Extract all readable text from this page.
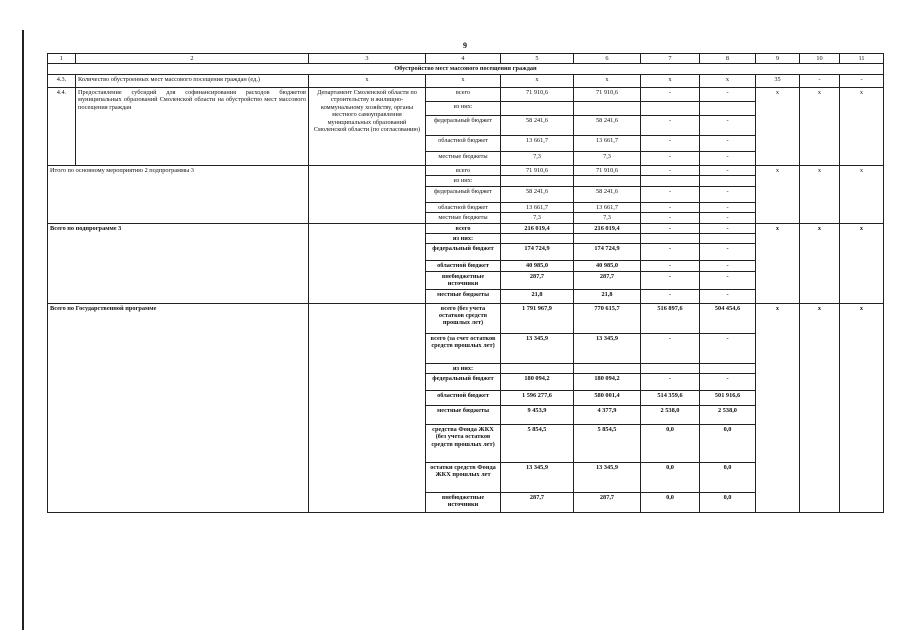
9
1	2	3	4	5	6	7	8	9	10	11
Обустройство мест массового посещения граждан										
4.3.	Количество обустроенных мест массового посещения граждан (ед.)	х	х	х	х	х	х	35	-	-
4.4.	Предоставление субсидий для софинансирования расходов бюджетов муниципальных образований Смоленской области на обустройство мест массового посещения граждан	Департамент Смоленской области по строительству и жилищно-коммунальному хозяйству, органы местного самоуправления муниципальных образований Смоленской области (по согласованию)	всего	71 910,6	71 910,6	-	-	х	х	х
			из них:							
			федеральный бюджет	58 241,6	58 241,6	-	-			
			областной бюджет	13 661,7	13 661,7	-	-			
			местные бюджеты	7,3	7,3	-	-			
Итого по основному мероприятию 2 подпрограммы 3			всего	71 910,6	71 910,6	-	-	х	х	х
			из них:							
			федеральный бюджет	58 241,6	58 241,6	-	-			
			областной бюджет	13 661,7	13 661,7	-	-			
			местные бюджеты	7,3	7,3	-	-			
Всего по подпрограмме 3			всего	216 019,4	216 019,4	-	-	х	х	х
			из них:							
			федеральный бюджет	174 724,9	174 724,9	-	-			
			областной бюджет	40 985,0	40 985,0	-	-			
			внебюджетные источники	287,7	287,7	-	-			
			местные бюджеты	21,8	21,8	-	-			
Всего по Государственной программе			всего (без учета остатков средств прошлых лет)	1 791 967,9	770 615,7	516 897,6	504 454,6	х	х	х
			всего (за счет остатков средств прошлых лет)	13 345,9	13 345,9	-	-			
			из них:							
			федеральный бюджет	180 094,2	180 094,2	-	-			
			областной бюджет	1 596 277,6	580 001,4	514 359,6	501 916,6			
			местные бюджеты	9 453,9	4 377,9	2 538,0	2 538,0			
			средства Фонда ЖКХ (без учета остатков средств прошлых лет)	5 854,5	5 854,5	0,0	0,0			
			остатки средств Фонда ЖКХ прошлых лет	13 345,9	13 345,9	0,0	0,0			
			внебюджетные источники	287,7	287,7	0,0	0,0			
